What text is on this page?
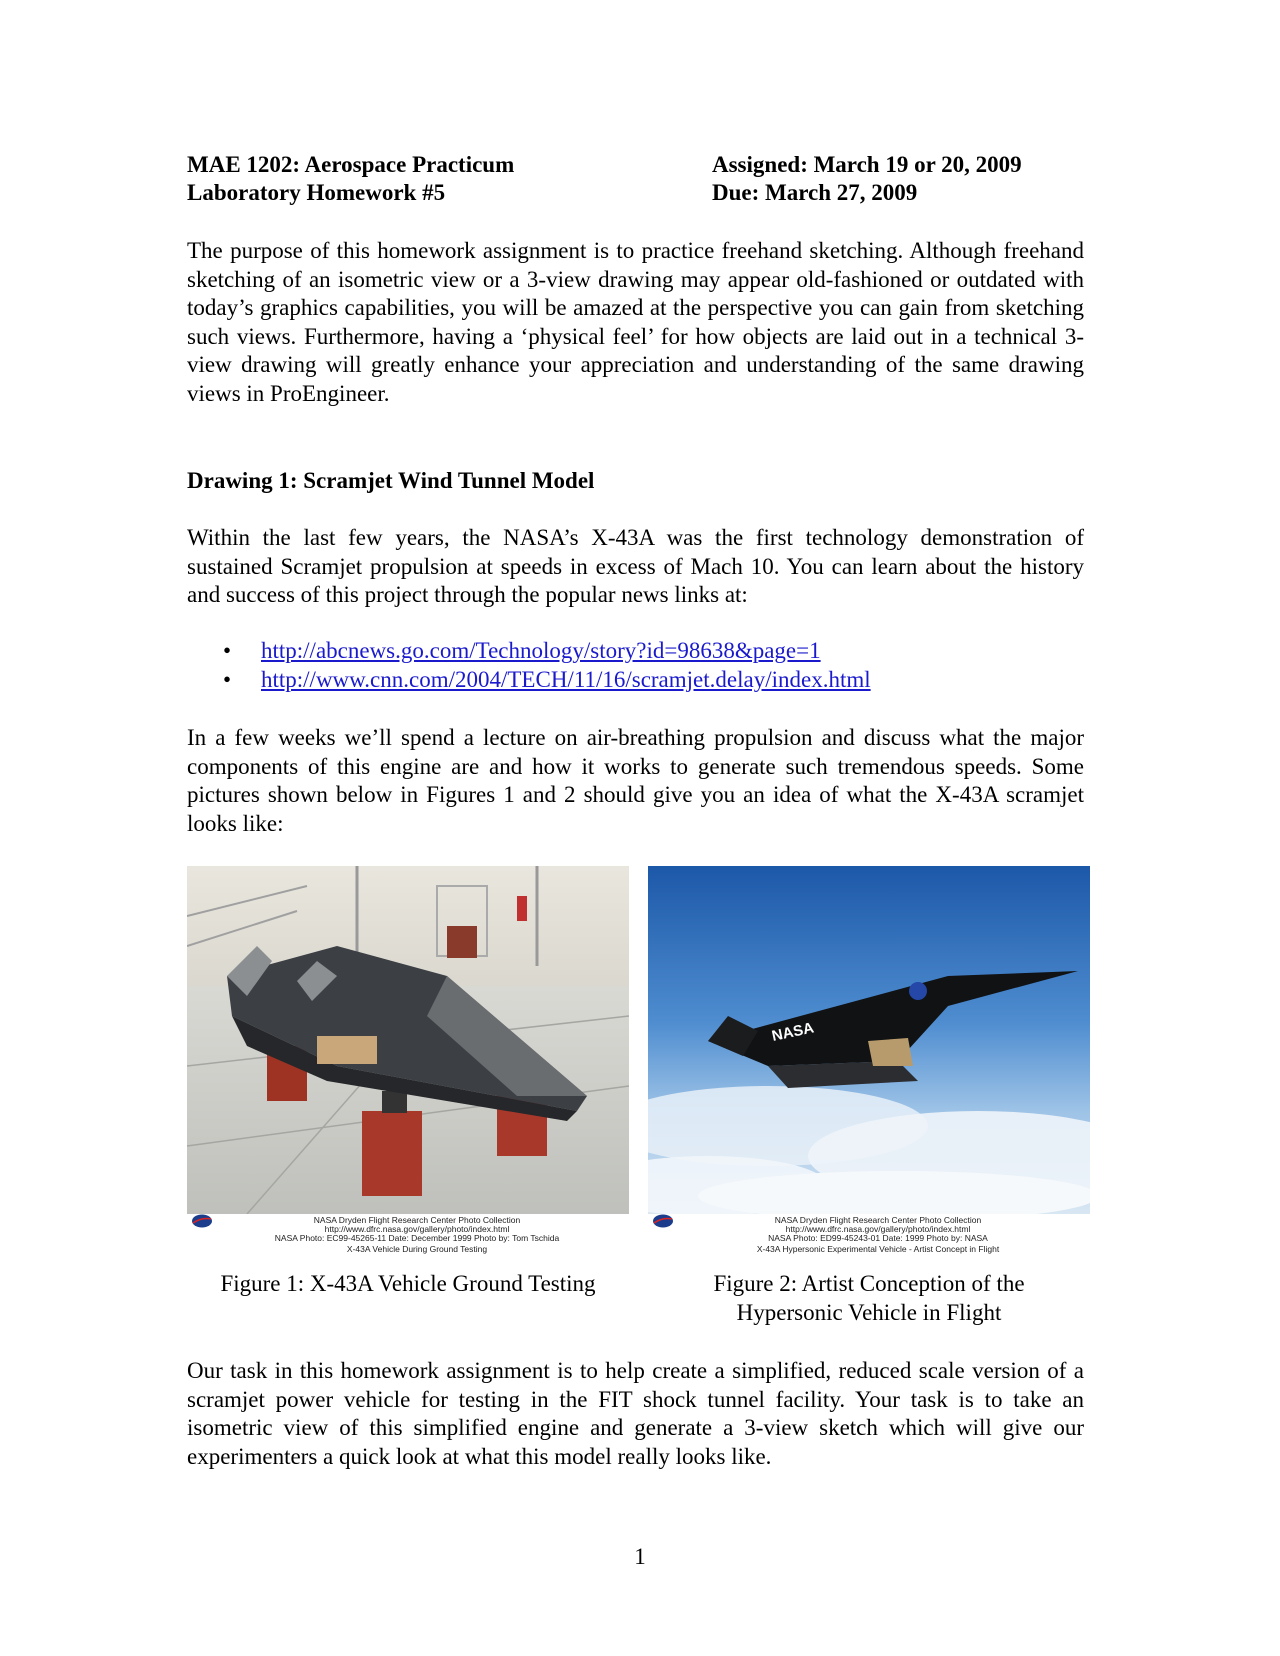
MAE 1202: Aerospace Practicum
Laboratory Homework #5
Assigned: March 19 or 20, 2009
Due: March 27, 2009
The purpose of this homework assignment is to practice freehand sketching. Although freehand sketching of an isometric view or a 3-view drawing may appear old-fashioned or outdated with today’s graphics capabilities, you will be amazed at the perspective you can gain from sketching such views. Furthermore, having a ‘physical feel’ for how objects are laid out in a technical 3-view drawing will greatly enhance your appreciation and understanding of the same drawing views in ProEngineer.
Drawing 1: Scramjet Wind Tunnel Model
Within the last few years, the NASA’s X-43A was the first technology demonstration of sustained Scramjet propulsion at speeds in excess of Mach 10. You can learn about the history and success of this project through the popular news links at:
• http://abcnews.go.com/Technology/story?id=98638&page=1
• http://www.cnn.com/2004/TECH/11/16/scramjet.delay/index.html
In a few weeks we’ll spend a lecture on air-breathing propulsion and discuss what the major components of this engine are and how it works to generate such tremendous speeds. Some pictures shown below in Figures 1 and 2 should give you an idea of what the X-43A scramjet looks like:
NASA Dryden Flight Research Center Photo Collection
http://www.dfrc.nasa.gov/gallery/photo/index.html
NASA Photo: EC99-45265-11 Date: December 1999 Photo by: Tom Tschida
X-43A Vehicle During Ground Testing
NASA
NASA Dryden Flight Research Center Photo Collection
http://www.dfrc.nasa.gov/gallery/photo/index.html
NASA Photo: ED99-45243-01 Date: 1999 Photo by: NASA
X-43A Hypersonic Experimental Vehicle - Artist Concept in Flight
Figure 1: X-43A Vehicle Ground Testing	Figure 2: Artist Conception of the
Hypersonic Vehicle in Flight
Our task in this homework assignment is to help create a simplified, reduced scale version of a scramjet power vehicle for testing in the FIT shock tunnel facility. Your task is to take an isometric view of this simplified engine and generate a 3-view sketch which will give our experimenters a quick look at what this model really looks like.
1
